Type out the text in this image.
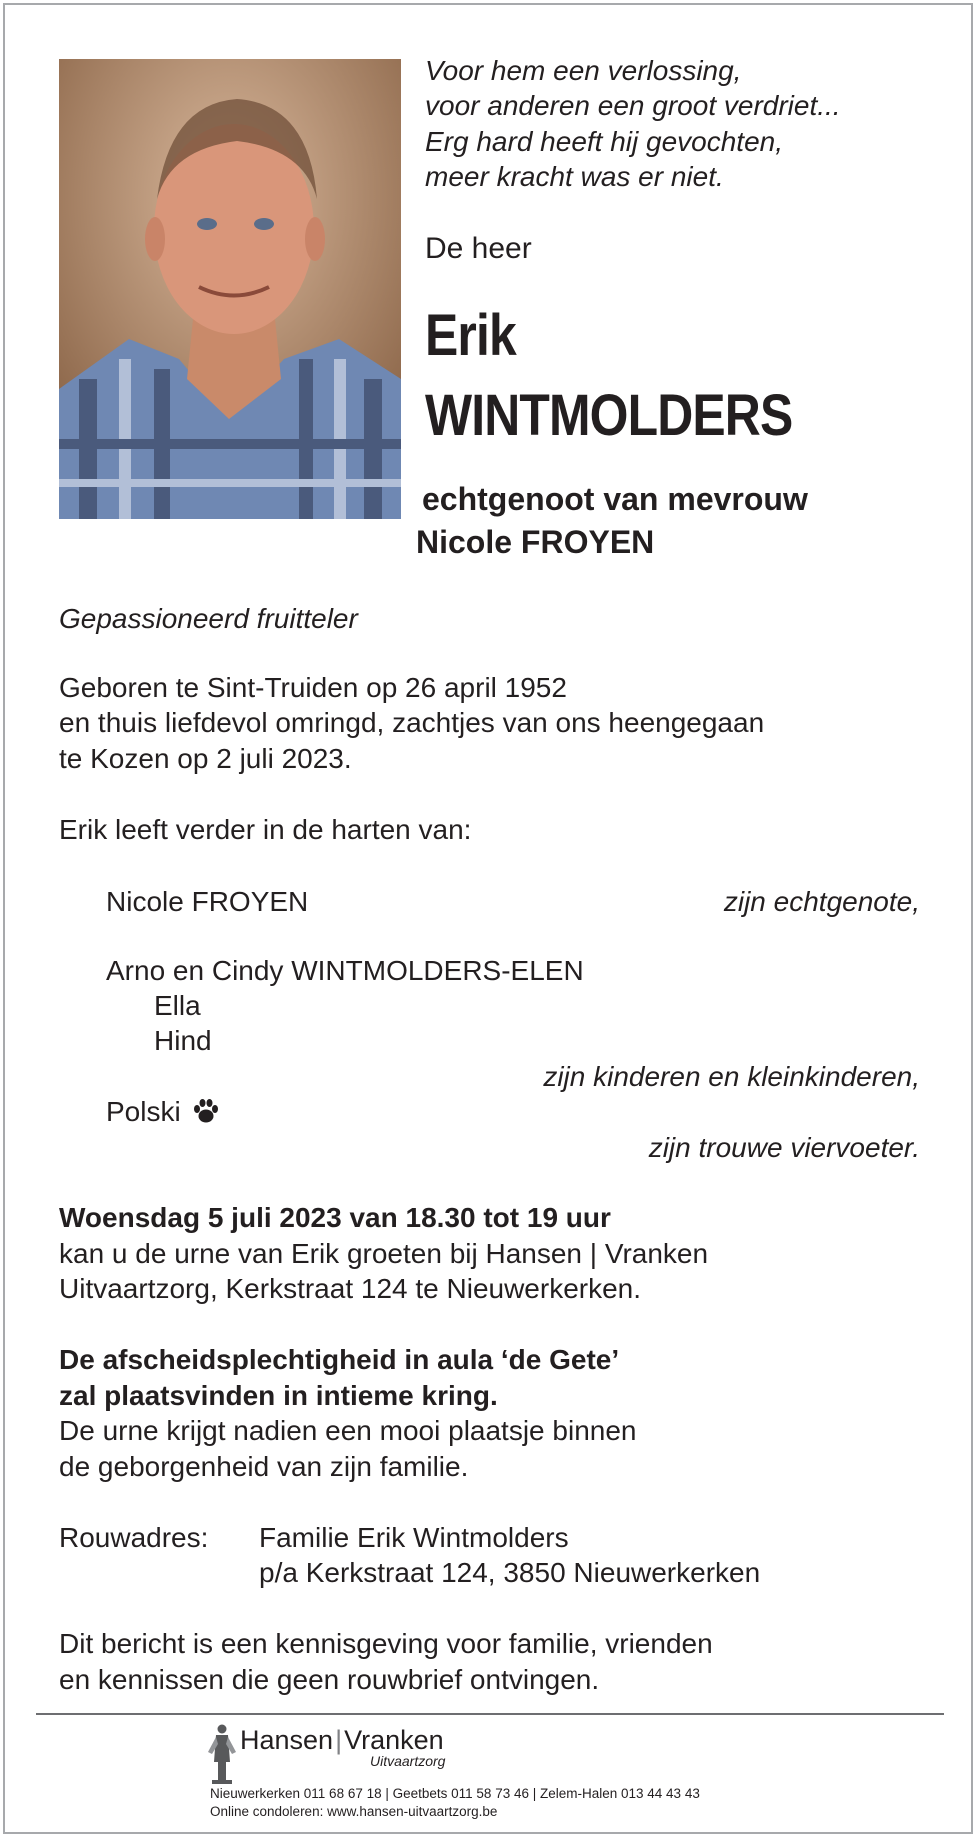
Voor hem een verlossing,
voor anderen een groot verdriet...
Erg hard heeft hij gevochten,
meer kracht was er niet.
De heer
Erik
WINTMOLDERS
echtgenoot van mevrouw
Nicole FROYEN
Gepassioneerd fruitteler
Geboren te Sint-Truiden op 26 april 1952
en thuis liefdevol omringd, zachtjes van ons heengegaan
te Kozen op 2 juli 2023.
Erik leeft verder in de harten van:
Nicole FROYEN	zijn echtgenote,
Arno en Cindy WINTMOLDERS-ELEN
Ella
Hind
zijn kinderen en kleinkinderen,
Polski
zijn trouwe viervoeter.
Woensdag 5 juli 2023 van 18.30 tot 19 uur
kan u de urne van Erik groeten bij Hansen | Vranken
Uitvaartzorg, Kerkstraat 124 te Nieuwerkerken.
De afscheidsplechtigheid in aula ‘de Gete’
zal plaatsvinden in intieme kring.
De urne krijgt nadien een mooi plaatsje binnen
de geborgenheid van zijn familie.
Rouwadres: Familie Erik Wintmolders
p/a Kerkstraat 124, 3850 Nieuwerkerken
Dit bericht is een kennisgeving voor familie, vrienden
en kennissen die geen rouwbrief ontvingen.
Hansen|Vranken
Uitvaartzorg
Nieuwerkerken 011 68 67 18 | Geetbets 011 58 73 46 | Zelem-Halen 013 44 43 43
Online condoleren: www.hansen-uitvaartzorg.be
